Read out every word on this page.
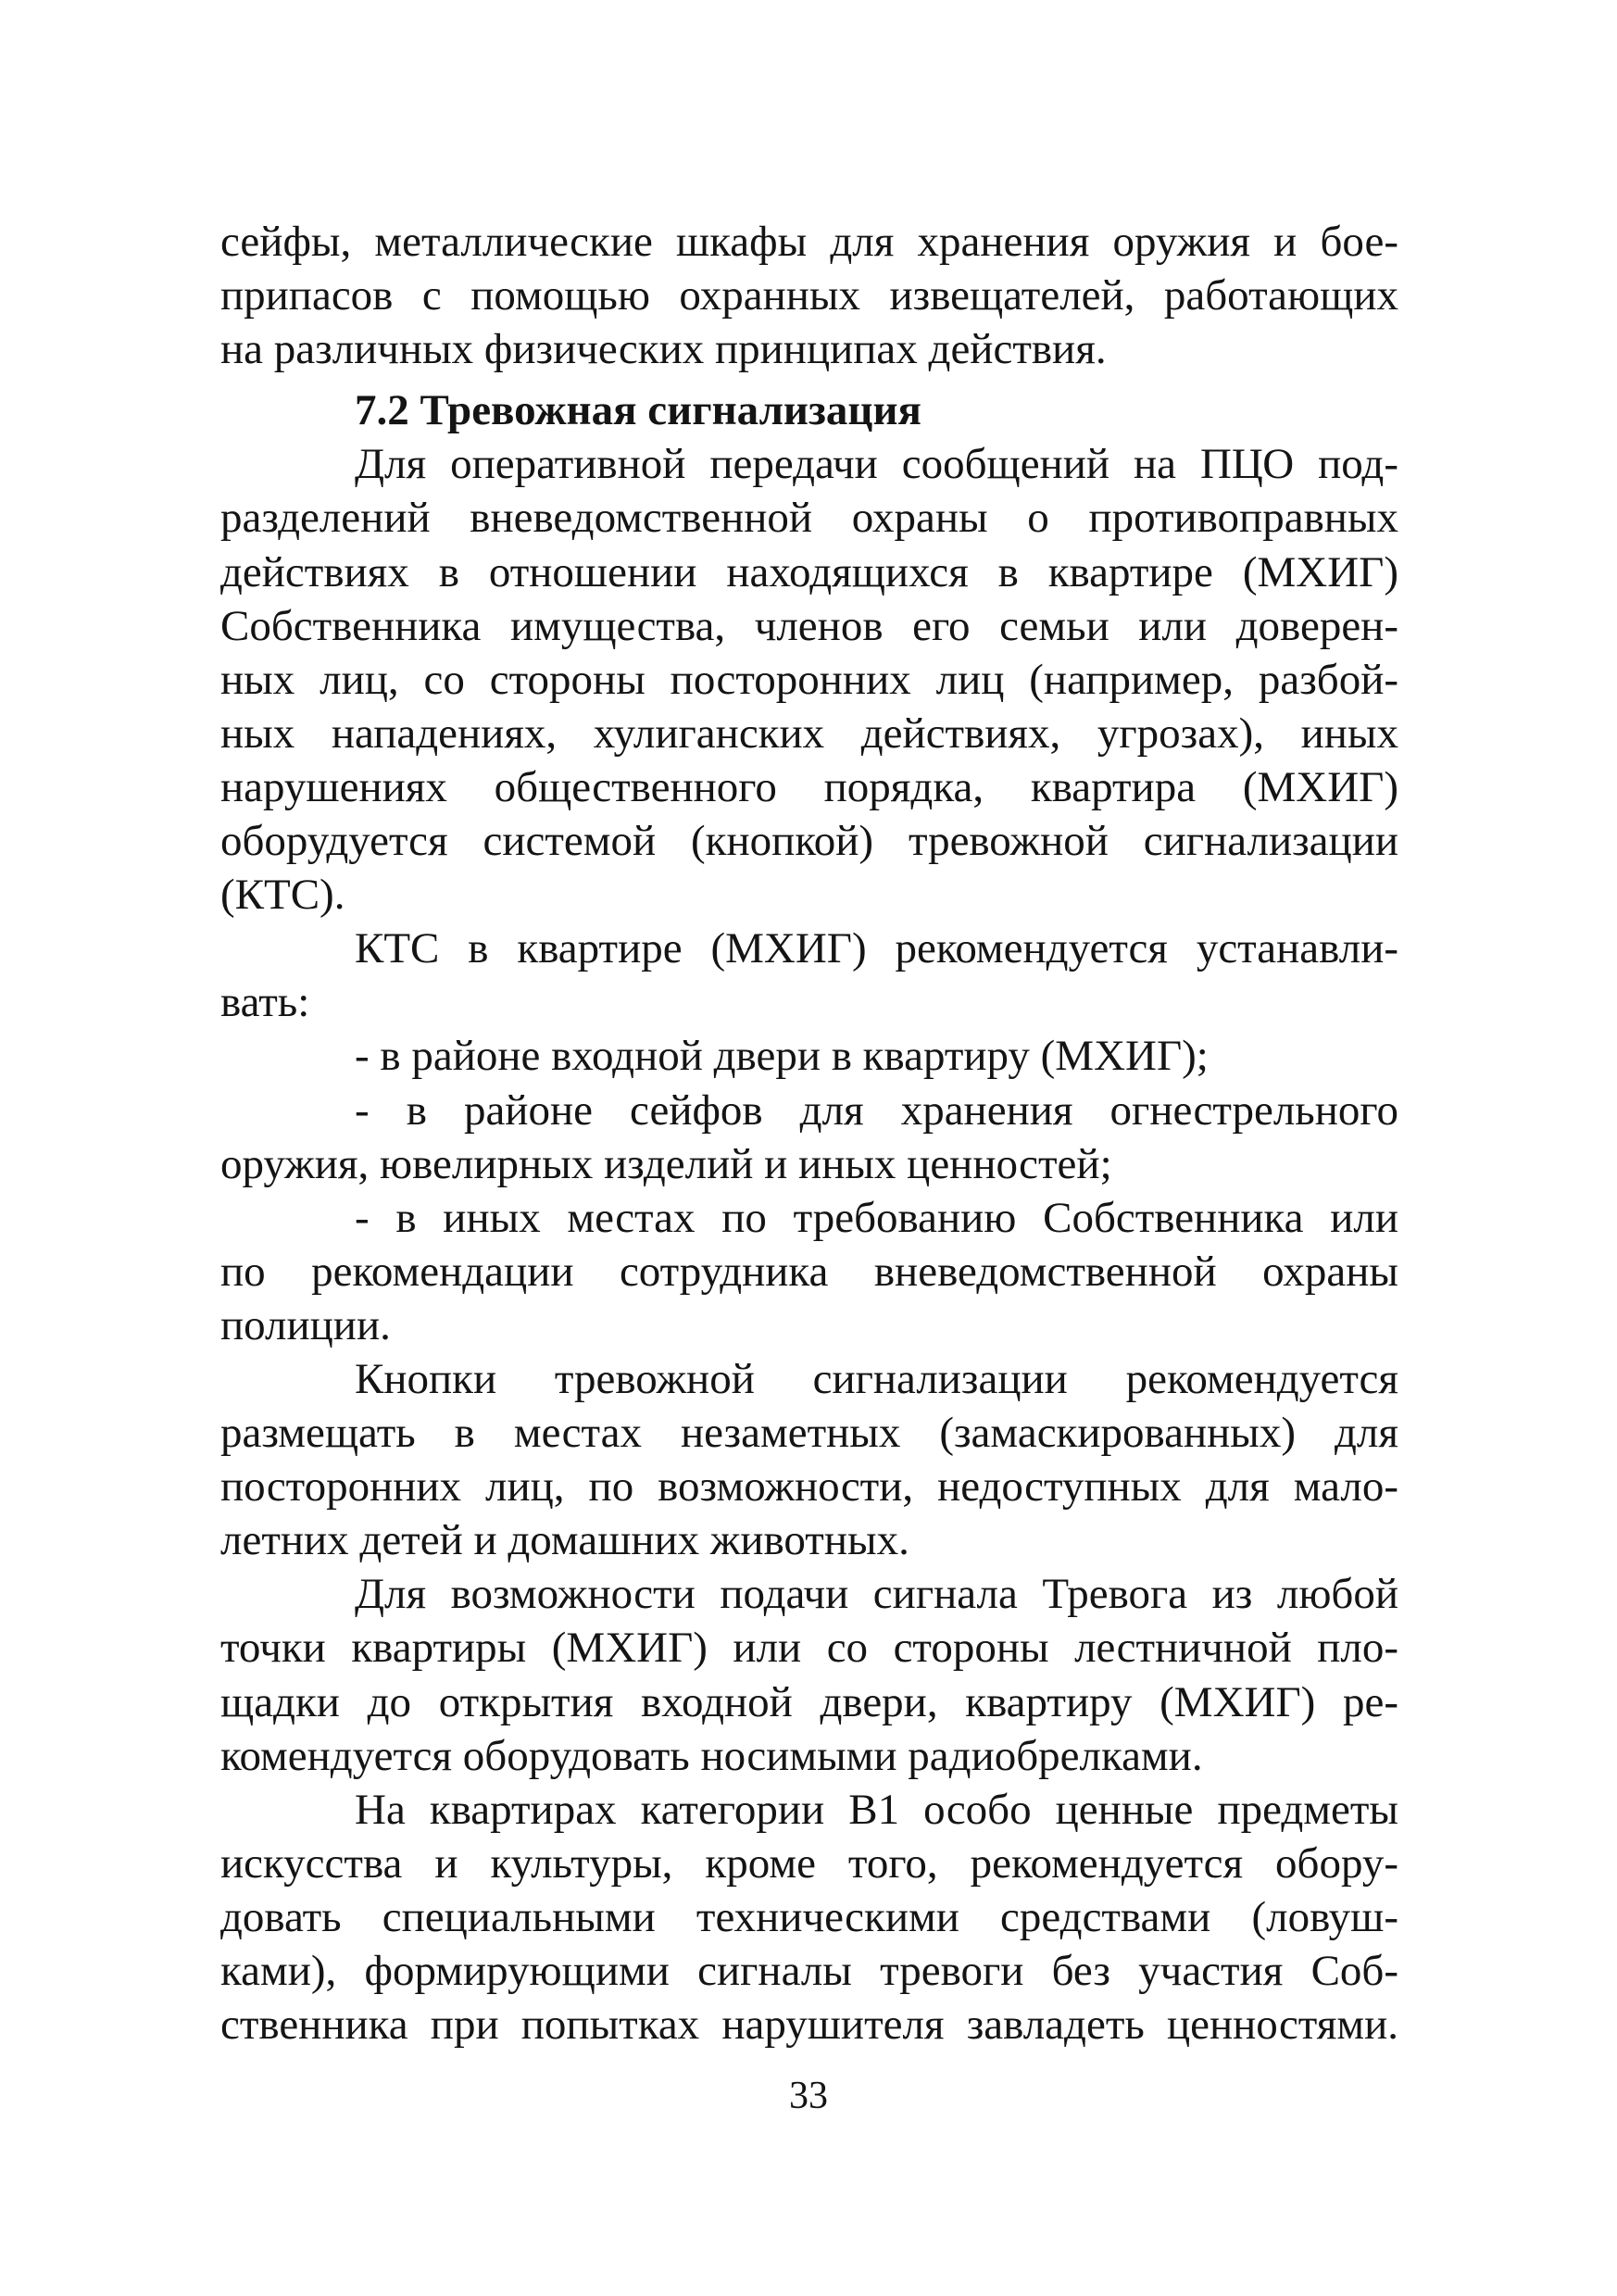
сейфы, металлические шкафы для хранения оружия и бое-
припасов с помощью охранных извещателей, работающих
на различных физических принципах действия.
7.2 Тревожная сигнализация
Для оперативной передачи сообщений на ПЦО под-
разделений вневедомственной охраны о противоправных
действиях в отношении находящихся в квартире (МХИГ)
Собственника имущества, членов его семьи или доверен-
ных лиц, со стороны посторонних лиц (например, разбой-
ных нападениях, хулиганских действиях, угрозах), иных
нарушениях общественного порядка, квартира (МХИГ)
оборудуется системой (кнопкой) тревожной сигнализации
(КТС).
КТС в квартире (МХИГ) рекомендуется устанавли-
вать:
- в районе входной двери в квартиру (МХИГ);
- в районе сейфов для хранения огнестрельного
оружия, ювелирных изделий и иных ценностей;
- в иных местах по требованию Собственника или
по рекомендации сотрудника вневедомственной охраны
полиции.
Кнопки тревожной сигнализации рекомендуется
размещать в местах незаметных (замаскированных) для
посторонних лиц, по возможности, недоступных для мало-
летних детей и домашних животных.
Для возможности подачи сигнала Тревога из любой
точки квартиры (МХИГ) или со стороны лестничной пло-
щадки до открытия входной двери, квартиру (МХИГ) ре-
комендуется оборудовать носимыми радиобрелками.
На квартирах категории В1 особо ценные предметы
искусства и культуры, кроме того, рекомендуется обору-
довать специальными техническими средствами (ловуш-
ками), формирующими сигналы тревоги без участия Соб-
ственника при попытках нарушителя завладеть ценностями.
33
